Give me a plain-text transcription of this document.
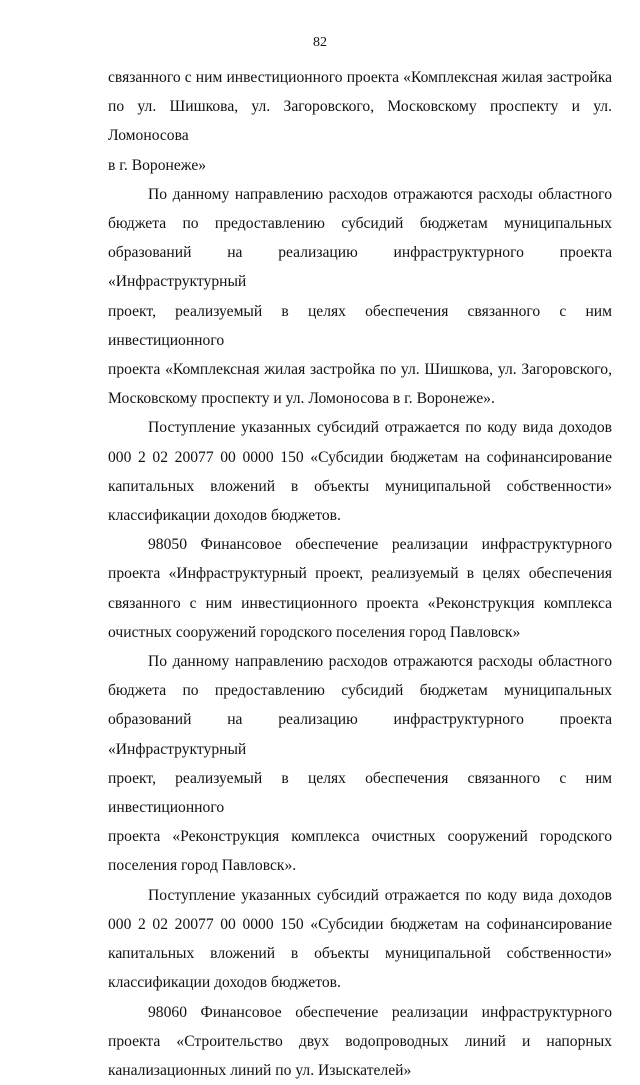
82
связанного с ним инвестиционного проекта «Комплексная жилая застройка
по ул. Шишкова, ул. Загоровского, Московскому проспекту и ул. Ломоносова
в г. Воронеже»
По данному направлению расходов отражаются расходы областного
бюджета по предоставлению субсидий бюджетам муниципальных
образований на реализацию инфраструктурного проекта «Инфраструктурный
проект, реализуемый в целях обеспечения связанного с ним инвестиционного
проекта «Комплексная жилая застройка по ул. Шишкова, ул. Загоровского,
Московскому проспекту и ул. Ломоносова в г. Воронеже».
Поступление указанных субсидий отражается по коду вида доходов
000 2 02 20077 00 0000 150 «Субсидии бюджетам на софинансирование
капитальных вложений в объекты муниципальной собственности»
классификации доходов бюджетов.
98050 Финансовое обеспечение реализации инфраструктурного
проекта «Инфраструктурный проект, реализуемый в целях обеспечения
связанного с ним инвестиционного проекта «Реконструкция комплекса
очистных сооружений городского поселения город Павловск»
По данному направлению расходов отражаются расходы областного
бюджета по предоставлению субсидий бюджетам муниципальных
образований на реализацию инфраструктурного проекта «Инфраструктурный
проект, реализуемый в целях обеспечения связанного с ним инвестиционного
проекта «Реконструкция комплекса очистных сооружений городского
поселения город Павловск».
Поступление указанных субсидий отражается по коду вида доходов
000 2 02 20077 00 0000 150 «Субсидии бюджетам на софинансирование
капитальных вложений в объекты муниципальной собственности»
классификации доходов бюджетов.
98060 Финансовое обеспечение реализации инфраструктурного
проекта «Строительство двух водопроводных линий и напорных
канализационных линий по ул. Изыскателей»
